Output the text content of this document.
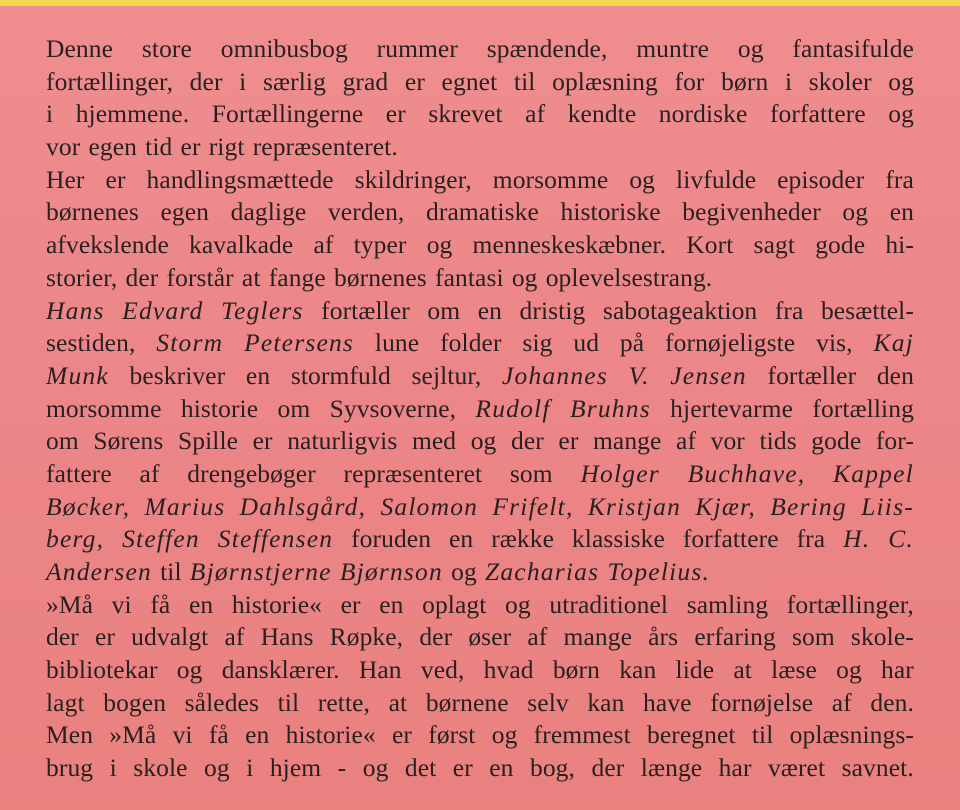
Denne store omnibusbog rummer spændende, muntre og fantasifulde
fortællinger, der i særlig grad er egnet til oplæsning for børn i skoler og
i hjemmene. Fortællingerne er skrevet af kendte nordiske forfattere og
vor egen tid er rigt repræsenteret.
Her er handlingsmættede skildringer, morsomme og livfulde episoder fra
børnenes egen daglige verden, dramatiske historiske begivenheder og en
afvekslende kavalkade af typer og menneskeskæbner. Kort sagt gode hi-
storier, der forstår at fange børnenes fantasi og oplevelsestrang.
Hans Edvard Teglers fortæller om en dristig sabotageaktion fra besættel-
sestiden, Storm Petersens lune folder sig ud på fornøjeligste vis, Kaj
Munk beskriver en stormfuld sejltur, Johannes V. Jensen fortæller den
morsomme historie om Syvsoverne, Rudolf Bruhns hjertevarme fortælling
om Sørens Spille er naturligvis med og der er mange af vor tids gode for-
fattere af drengebøger repræsenteret som Holger Buchhave, Kappel
Bøcker, Marius Dahlsgård, Salomon Frifelt, Kristjan Kjær, Bering Liis-
berg, Steffen Steffensen foruden en række klassiske forfattere fra H. C.
Andersen til Bjørnstjerne Bjørnson og Zacharias Topelius.
»Må vi få en historie« er en oplagt og utraditionel samling fortællinger,
der er udvalgt af Hans Røpke, der øser af mange års erfaring som skole-
bibliotekar og dansklærer. Han ved, hvad børn kan lide at læse og har
lagt bogen således til rette, at børnene selv kan have fornøjelse af den.
Men »Må vi få en historie« er først og fremmest beregnet til oplæsnings-
brug i skole og i hjem - og det er en bog, der længe har været savnet.
